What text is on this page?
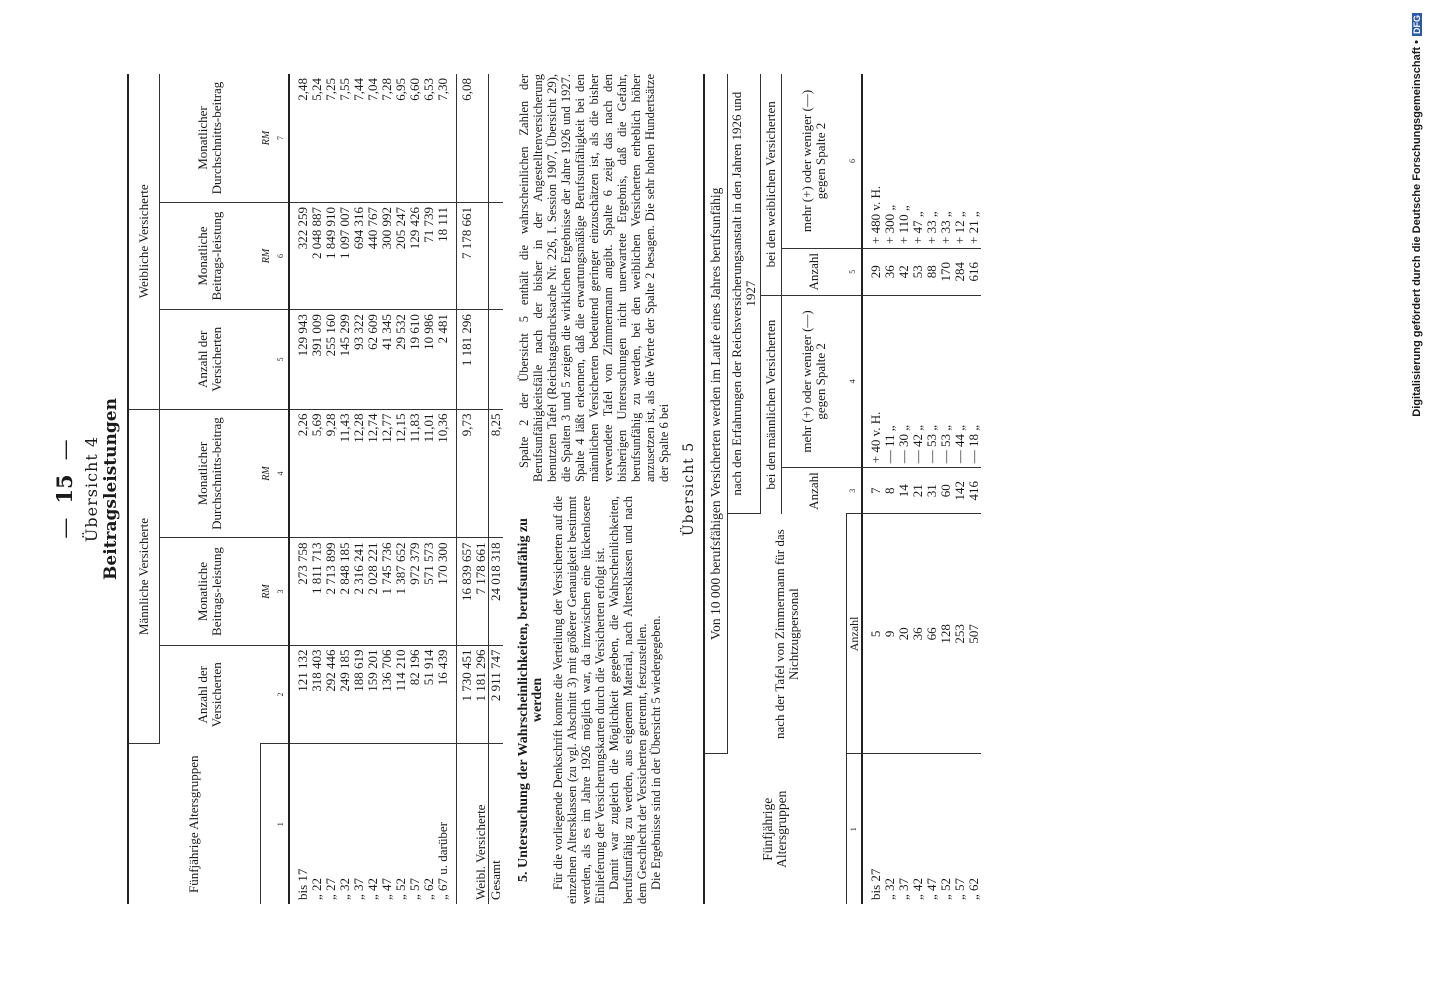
—15— Übersicht 4 Beitragsleistungen
Fünfjährige Altersgruppen	Männliche Versicherte			Weibliche Versicherte		
	Anzahl der Versicherten	Monatliche Beitrags-leistung	Monatlicher Durchschnitts-beitrag	Anzahl der Versicherten	Monatliche Beitrags-leistung	Monatlicher Durchschnitts-beitrag
		RM	RM		RM	RM
1	2	3	4	5	6	7
bis 17	121 132	273 758	2,26	129 943	322 259	2,48
„ 22	318 403	1 811 713	5,69	391 009	2 048 887	5,24
„ 27	292 446	2 713 899	9,28	255 160	1 849 910	7,25
„ 32	249 185	2 848 185	11,43	145 299	1 097 007	7,55
„ 37	188 619	2 316 241	12,28	93 322	694 316	7,44
„ 42	159 201	2 028 221	12,74	62 609	440 767	7,04
„ 47	136 706	1 745 736	12,77	41 345	300 992	7,28
„ 52	114 210	1 387 652	12,15	29 532	205 247	6,95
„ 57	82 196	972 379	11,83	19 610	129 426	6,60
„ 62	51 914	571 573	11,01	10 986	71 739	6,53
„ 67 u. darüber	16 439	170 300	10,36	2 481	18 111	7,30
	1 730 451	16 839 657	9,73	1 181 296	7 178 661	6,08
Weibl. Versicherte	1 181 296	7 178 661				
Gesamt	2 911 747	24 018 318	8,25			
5. Untersuchung der Wahrscheinlichkeiten, berufsunfähig zu werden Für die vorliegende Denkschrift konnte die Verteilung der Versicherten auf die einzelnen Altersklassen (zu vgl. Abschnitt 3) mit größerer Genauigkeit bestimmt werden, als es im Jahre 1926 möglich war, da inzwischen eine lückenlosere Einlieferung der Versicherungskarten durch die Versicherten erfolgt ist. Damit war zugleich die Möglichkeit gegeben, die Wahrscheinlichkeiten, berufsunfähig zu werden, aus eigenem Material, nach Altersklassen und nach dem Geschlecht der Versicherten getrennt, festzustellen. Die Ergebnisse sind in der Übersicht 5 wiedergegeben.

Spalte 2 der Übersicht 5 enthält die wahrscheinlichen Zahlen der Berufsunfähigkeitsfälle nach der bisher in der Angestelltenversicherung benutzten Tafel (Reichstagsdrucksache Nr. 226, I. Session 1907, Übersicht 29), die Spalten 3 und 5 zeigen die wirklichen Ergebnisse der Jahre 1926 und 1927. Spalte 4 läßt erkennen, daß die erwartungsmäßige Berufsunfähigkeit bei den männlichen Versicherten bedeutend geringer einzuschätzen ist, als die bisher verwendete Tafel von Zimmermann angibt. Spalte 6 zeigt das nach den bisherigen Untersuchungen nicht unerwartete Ergebnis, daß die Gefahr, berufsunfähig zu werden, bei den weiblichen Versicherten erheblich höher anzusetzen ist, als die Werte der Spalte 2 besagen. Die sehr hohen Hundertsätze der Spalte 6 bei Übersicht 5
Fünfjährige Altersgruppen	Von 10 000 berufsfähigen Versicherten werden im Laufe eines Jahres berufsunfähig				
	nach der Tafel von Zimmermann für das Nichtzugpersonal	nach den Erfahrungen der Reichsversicherungsanstalt in den Jahren 1926 und 1927			
		bei den männlichen Versicherten		bei den weiblichen Versicherten	
		Anzahl	mehr (+) oder weniger (—) gegen Spalte 2	Anzahl	mehr (+) oder weniger (—) gegen Spalte 2
1	Anzahl	3	4	5	6
bis 27	5	7	+ 40 v. H.	29	+ 480 v. H.
„ 32	9	8	— 11 „	36	+ 300 „
„ 37	20	14	— 30 „	42	+ 110 „
„ 42	36	21	— 42 „	53	+ 47 „
„ 47	66	31	— 53 „	88	+ 33 „
„ 52	128	60	— 53 „	170	+ 33 „
„ 57	253	142	— 44 „	284	+ 12 „
„ 62	507	416	— 18 „	616	+ 21 „	Digitalisierung gefördert durch die Deutsche Forschungsgemeinschaft •DFG
